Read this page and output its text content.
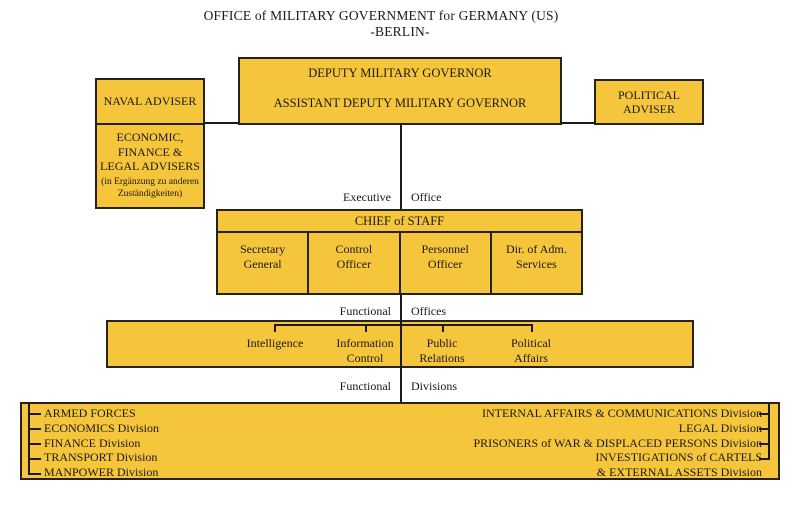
OFFICE of MILITARY GOVERNMENT for GERMANY (US)
-BERLIN-
DEPUTY MILITARY GOVERNOR
ASSISTANT DEPUTY MILITARY GOVERNOR
NAVAL ADVISER
ECONOMIC,
FINANCE &
LEGAL ADVISERS
(in Ergänzung zu anderen
Zuständigkeiten)
POLITICAL
ADVISER
Executive Office
CHIEF of STAFF
Secretary
General
Control
Officer
Personnel
Officer
Dir. of Adm.
Services
Functional Offices
Intelligence	Information
Control
Public
Relations
Political
Affairs
Functional Divisions
ARMED FORCES
ECONOMICS Division
FINANCE Division
TRANSPORT Division
MANPOWER Division
INTERNAL AFFAIRS & COMMUNICATIONS Division
LEGAL Division
PRISONERS of WAR & DISPLACED PERSONS Division
INVESTIGATIONS of CARTELS
& EXTERNAL ASSETS Division
